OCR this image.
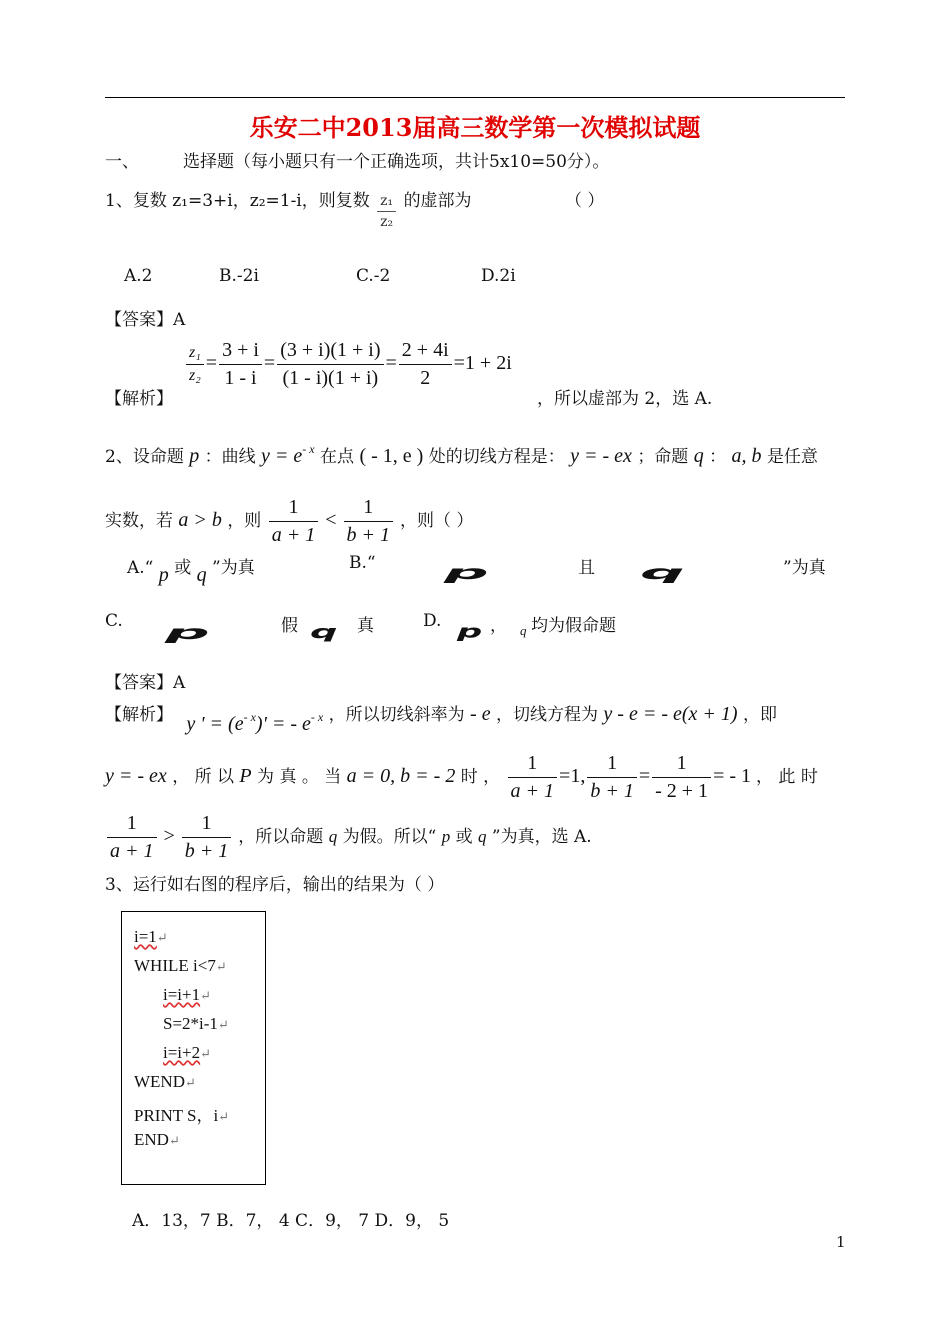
乐安二中2013届高三数学第一次模拟试题
一、	选择题（每小题只有一个正确选项，共计5x10=50分）。
1、复数 z₁=3+i，z₂=1-i，则复数 $\frac{\text{z₁}}{\text{z₂}}$ 的虚部为	（ ）
A.2	B.-2i	C.-2	D.2i
【答案】A
【解析】
$\frac{\text{z₁}}{\text{z₂}} = \frac{3 + i}{1 - i} = \frac{(3 + i)(1 + i)}{(1 - i)(1 + i)} = \frac{2 + 4i}{2} =1 + 2i$
，所以虚部为 2，选 A.
2、设命题 p ：曲线 $y = e^{- x}$ 在点 ( - 1, e ) 处的切线方程是： y = - ex ；命题 q ： a, b 是任意
实数，若 a > b ，则 $\frac{1}{a + 1} < \frac{1}{b + 1}$ ，则（ ）
A.“ p 或 q ”为真	B.“	p	且 q	”为真
C.
p	假 q 真	D.
p ， q 均为假命题
【答案】A
【解析】 y ' = $(e^{- x})'$ = - $e^{- x}$ ，所以切线斜率为 - e ，切线方程为 y - e = - e(x + 1) ，即
y = - ex ， 所 以 P 为 真 。 当 a = 0, b = - 2 时 ， $\frac{1}{a + 1} =1$, $\frac{1}{b + 1} = \frac{1}{- 2 + 1}$ = - 1 ， 此 时
$\frac{1}{a + 1} > \frac{1}{b + 1}$ ，所以命题 q 为假。所以“ p 或 q ”为真，选 A.
3、运行如右图的程序后，输出的结果为（ ）
i=1↵
WHILE i<7↵
i=i+1↵
S=2*i-1↵
i=i+2↵
WEND↵
PRINT S，i↵
END↵
A．13，7 B．7， 4 C．9， 7 D．9， 5
1
